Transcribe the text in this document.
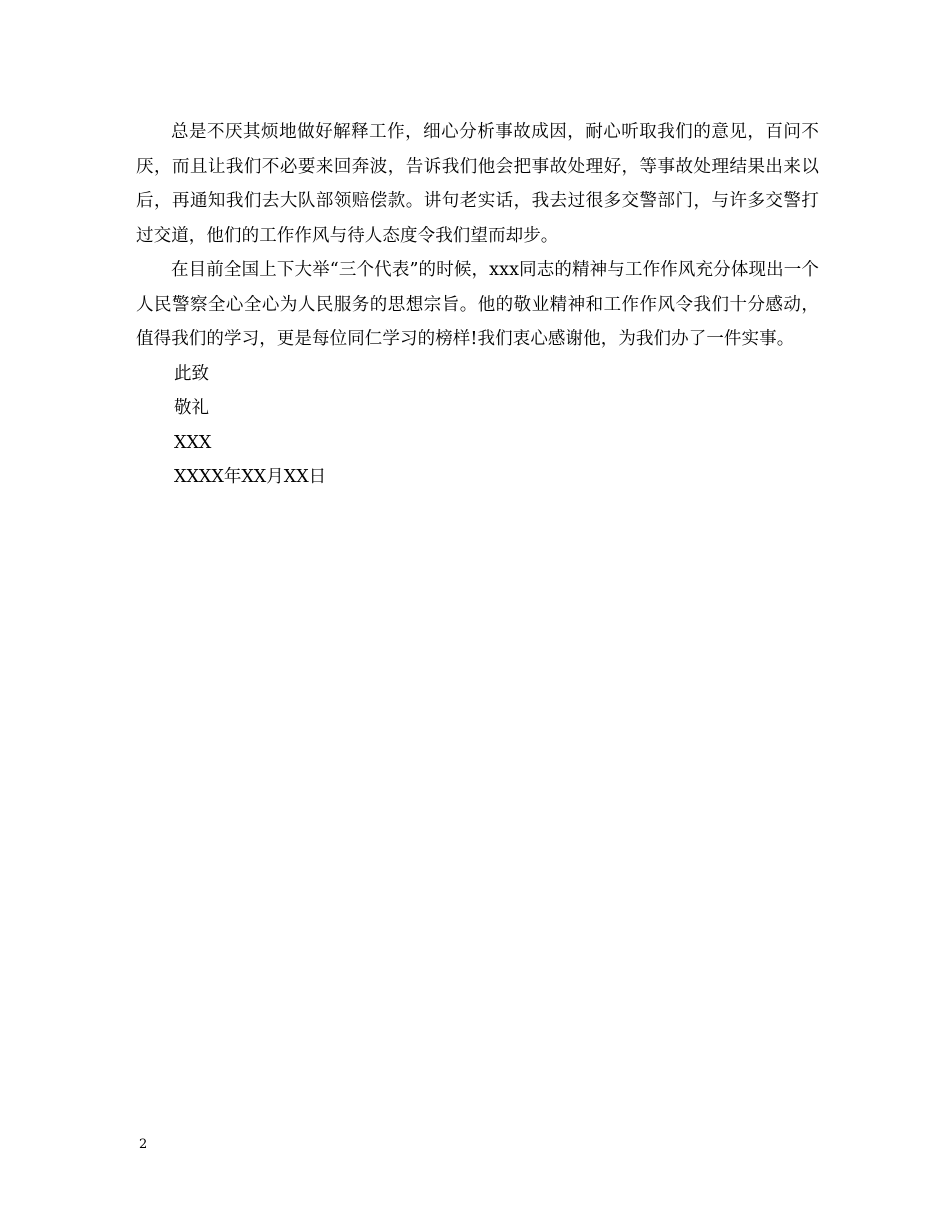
总是不厌其烦地做好解释工作，细心分析事故成因，耐心听取我们的意见，百问不厌，而且让我们不必要来回奔波，告诉我们他会把事故处理好，等事故处理结果出来以后，再通知我们去大队部领赔偿款。讲句老实话，我去过很多交警部门，与许多交警打过交道，他们的工作作风与待人态度令我们望而却步。

在目前全国上下大举“三个代表”的时候，xxx同志的精神与工作作风充分体现出一个人民警察全心全心为人民服务的思想宗旨。他的敬业精神和工作作风令我们十分感动，值得我们的学习，更是每位同仁学习的榜样!我们衷心感谢他，为我们办了一件实事。

此致

敬礼

XXX

XXXX年XX月XX日

2
